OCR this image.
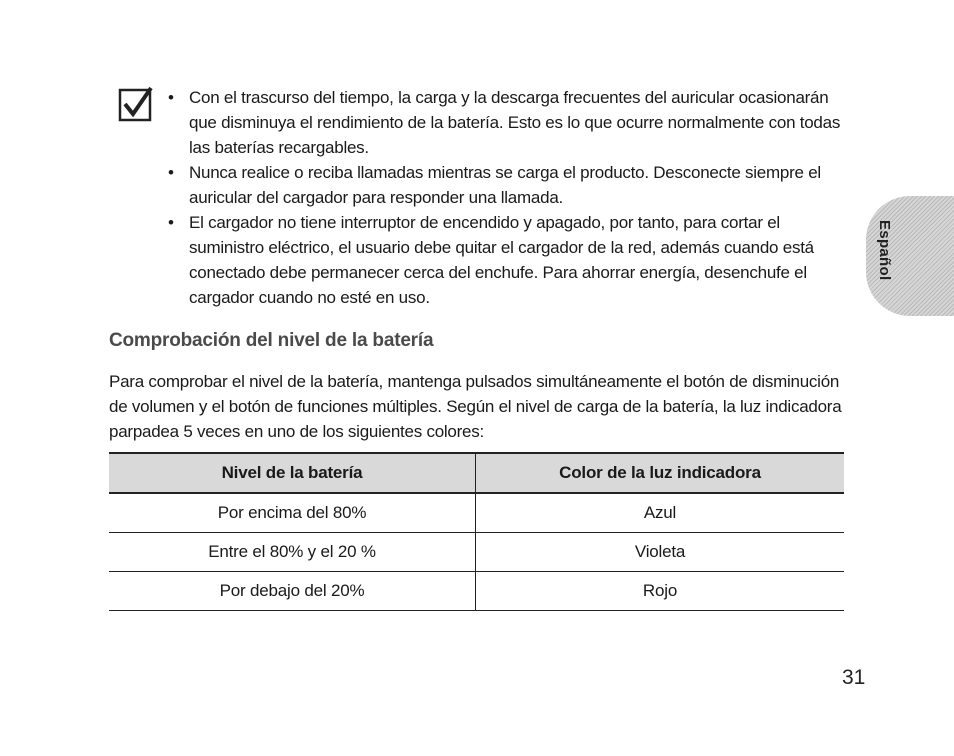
• Con el trascurso del tiempo, la carga y la descarga frecuentes del auricular ocasionarán que disminuya el rendimiento de la batería. Esto es lo que ocurre normalmente con todas las baterías recargables.
• Nunca realice o reciba llamadas mientras se carga el producto. Desconecte siempre el auricular del cargador para responder una llamada.
• El cargador no tiene interruptor de encendido y apagado, por tanto, para cortar el suministro eléctrico, el usuario debe quitar el cargador de la red, además cuando está conectado debe permanecer cerca del enchufe. Para ahorrar energía, desenchufe el cargador cuando no esté en uso.
Comprobación del nivel de la batería

Para comprobar el nivel de la batería, mantenga pulsados simultáneamente el botón de disminución de volumen y el botón de funciones múltiples. Según el nivel de carga de la batería, la luz indicadora parpadea 5 veces en uno de los siguientes colores:

Nivel de la batería	Color de la luz indicadora
Por encima del 80%	Azul
Entre el 80% y el 20 %	Violeta
Por debajo del 20%	Rojo
31
